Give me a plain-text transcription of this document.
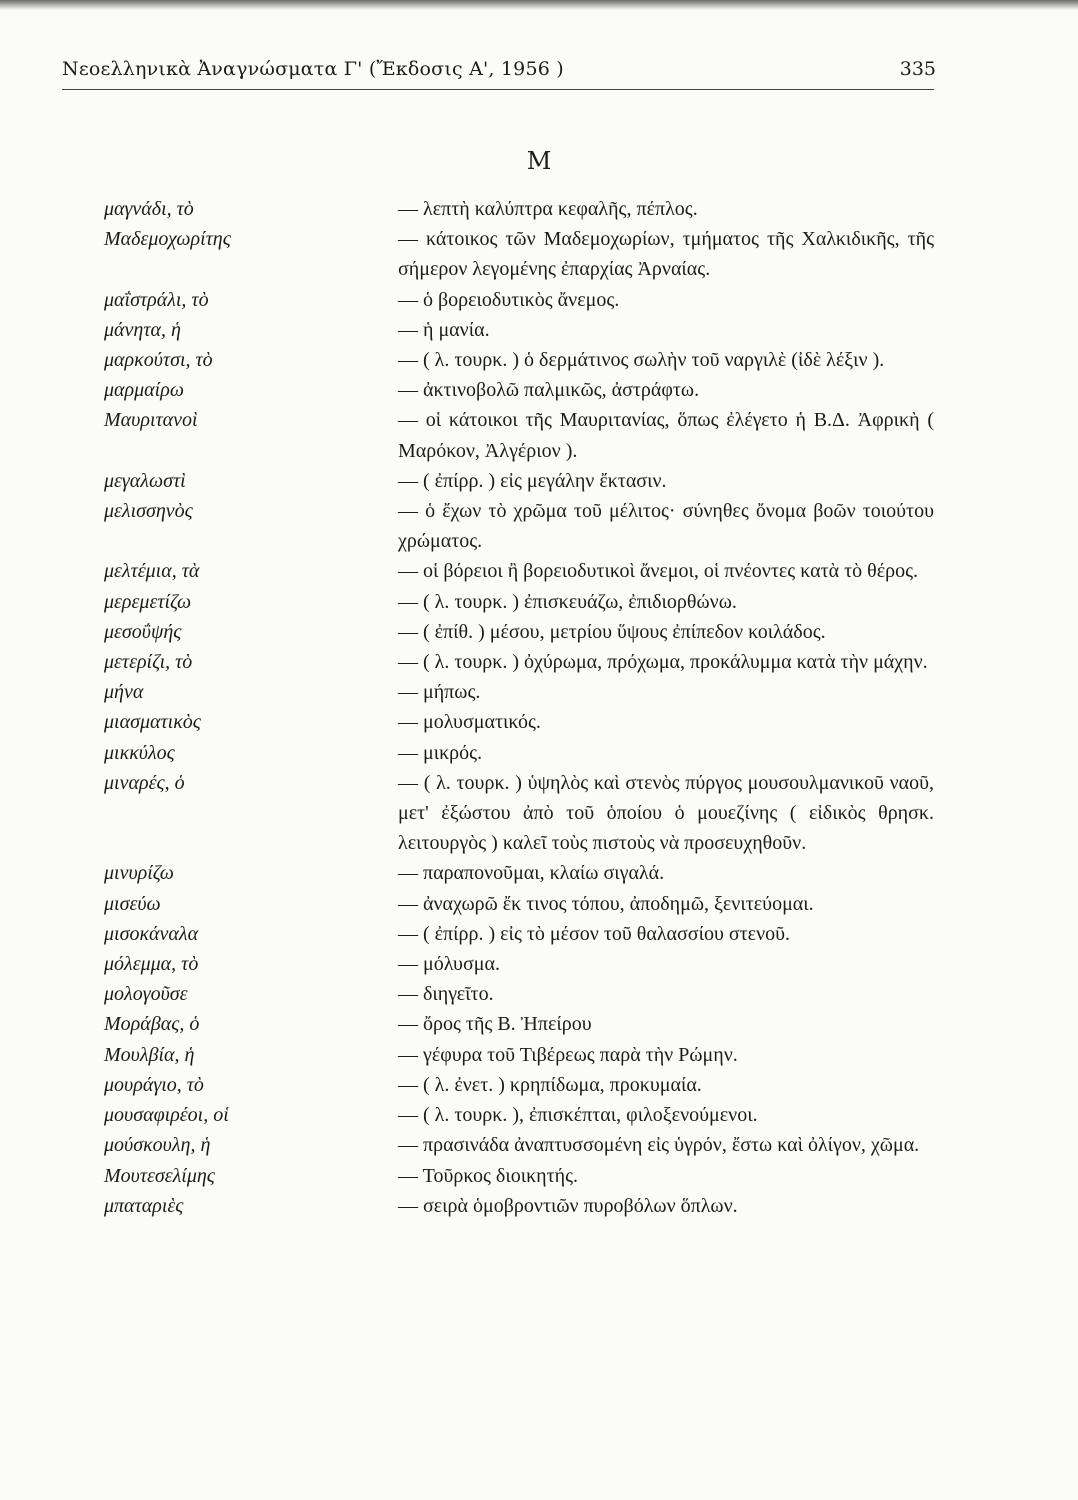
Νεοελληνικὰ Ἀναγνώσματα Γ' (Ἔκδοσις Α', 1956 )	335
Μ
μαγνάδι, τὸ	— λεπτὴ καλύπτρα κεφαλῆς, πέπλος.
Μαδεμοχωρίτης	— κάτοικος τῶν Μαδεμοχωρίων, τμήματος τῆς Χαλκιδικῆς, τῆς σήμερον λεγομένης ἐπαρχίας Ἀρναίας.
μαΐστράλι, τὸ	— ὁ βορειοδυτικὸς ἄνεμος.
μάνητα, ἡ	— ἡ μανία.
μαρκούτσι, τὸ	— ( λ. τουρκ. ) ὁ δερμάτινος σωλὴν τοῦ ναργιλὲ (ἰδὲ λέξιν ).
μαρμαίρω	— ἀκτινοβολῶ παλμικῶς, ἀστράφτω.
Μαυριτανοὶ	— οἱ κάτοικοι τῆς Μαυριτανίας, ὅπως ἐλέγετο ἡ Β.Δ. Ἀφρικὴ ( Μαρόκον, Ἀλγέριον ).
μεγαλωστὶ	— ( ἐπίρρ. ) εἰς μεγάλην ἔκτασιν.
μελισσηνὸς	— ὁ ἔχων τὸ χρῶμα τοῦ μέλιτος· σύνηθες ὄνομα βοῶν τοιούτου χρώματος.
μελτέμια, τὰ	— οἱ βόρειοι ἢ βορειοδυτικοὶ ἄνεμοι, οἱ πνέοντες κατὰ τὸ θέρος.
μερεμετίζω	— ( λ. τουρκ. ) ἐπισκευάζω, ἐπιδιορθώνω.
μεσοΰψής	— ( ἐπίθ. ) μέσου, μετρίου ὕψους ἐπίπεδον κοιλάδος.
μετερίζι, τὸ	— ( λ. τουρκ. ) ὀχύρωμα, πρόχωμα, προκάλυμμα κατὰ τὴν μάχην.
μήνα	— μήπως.
μιασματικὸς	— μολυσματικός.
μικκύλος	— μικρός.
μιναρές, ὁ	— ( λ. τουρκ. ) ὑψηλὸς καὶ στενὸς πύργος μουσουλμανικοῦ ναοῦ, μετ' ἐξώστου ἀπὸ τοῦ ὁποίου ὁ μουεζίνης ( εἰδικὸς θρησκ. λειτουργὸς ) καλεῖ τοὺς πιστοὺς νὰ προσευχηθοῦν.
μινυρίζω	— παραπονοῦμαι, κλαίω σιγαλά.
μισεύω	— ἀναχωρῶ ἔκ τινος τόπου, ἀποδημῶ, ξενιτεύομαι.
μισοκάναλα	— ( ἐπίρρ. ) εἰς τὸ μέσον τοῦ θαλασσίου στενοῦ.
μόλεμμα, τὸ	— μόλυσμα.
μολογοῦσε	— διηγεῖτο.
Μοράβας, ὁ	— ὄρος τῆς Β. Ἠπείρου
Μουλβία, ἡ	— γέφυρα τοῦ Τιβέρεως παρὰ τὴν Ρώμην.
μουράγιο, τὸ	— ( λ. ἐνετ. ) κρηπίδωμα, προκυμαία.
μουσαφιρέοι, οἱ	— ( λ. τουρκ. ), ἐπισκέπται, φιλοξενούμενοι.
μούσκουλη, ἡ	— πρασινάδα ἀναπτυσσομένη εἰς ὑγρόν, ἔστω καὶ ὀλίγον, χῶμα.
Μουτεσελίμης	— Τοῦρκος διοικητής.
μπαταριὲς	— σειρὰ ὁμοβροντιῶν πυροβόλων ὅπλων.
